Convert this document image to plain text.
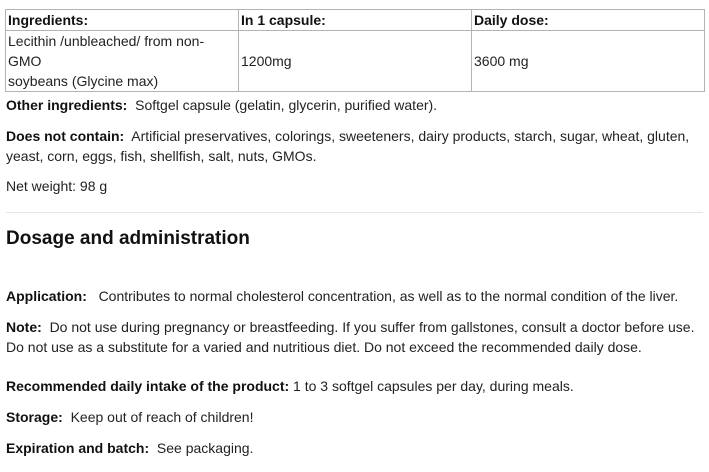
Ingredients:	In 1 capsule:	Daily dose:

Lecithin /unbleached/ from non-GMO
soybeans (Glycine max)	1200mg	3600 mg
Other ingredients: Softgel capsule (gelatin, glycerin, purified water).
Does not contain: Artificial preservatives, colorings, sweeteners, dairy products, starch, sugar, wheat, gluten,
yeast, corn, eggs, fish, shellfish, salt, nuts, GMOs.
Net weight: 98 g
Dosage and administration
Application: Contributes to normal cholesterol concentration, as well as to the normal condition of the liver.
Note: Do not use during pregnancy or breastfeeding. If you suffer from gallstones, consult a doctor before use.
Do not use as a substitute for a varied and nutritious diet. Do not exceed the recommended daily dose.
Recommended daily intake of the product: 1 to 3 softgel capsules per day, during meals.
Storage: Keep out of reach of children!
Expiration and batch: See packaging.
